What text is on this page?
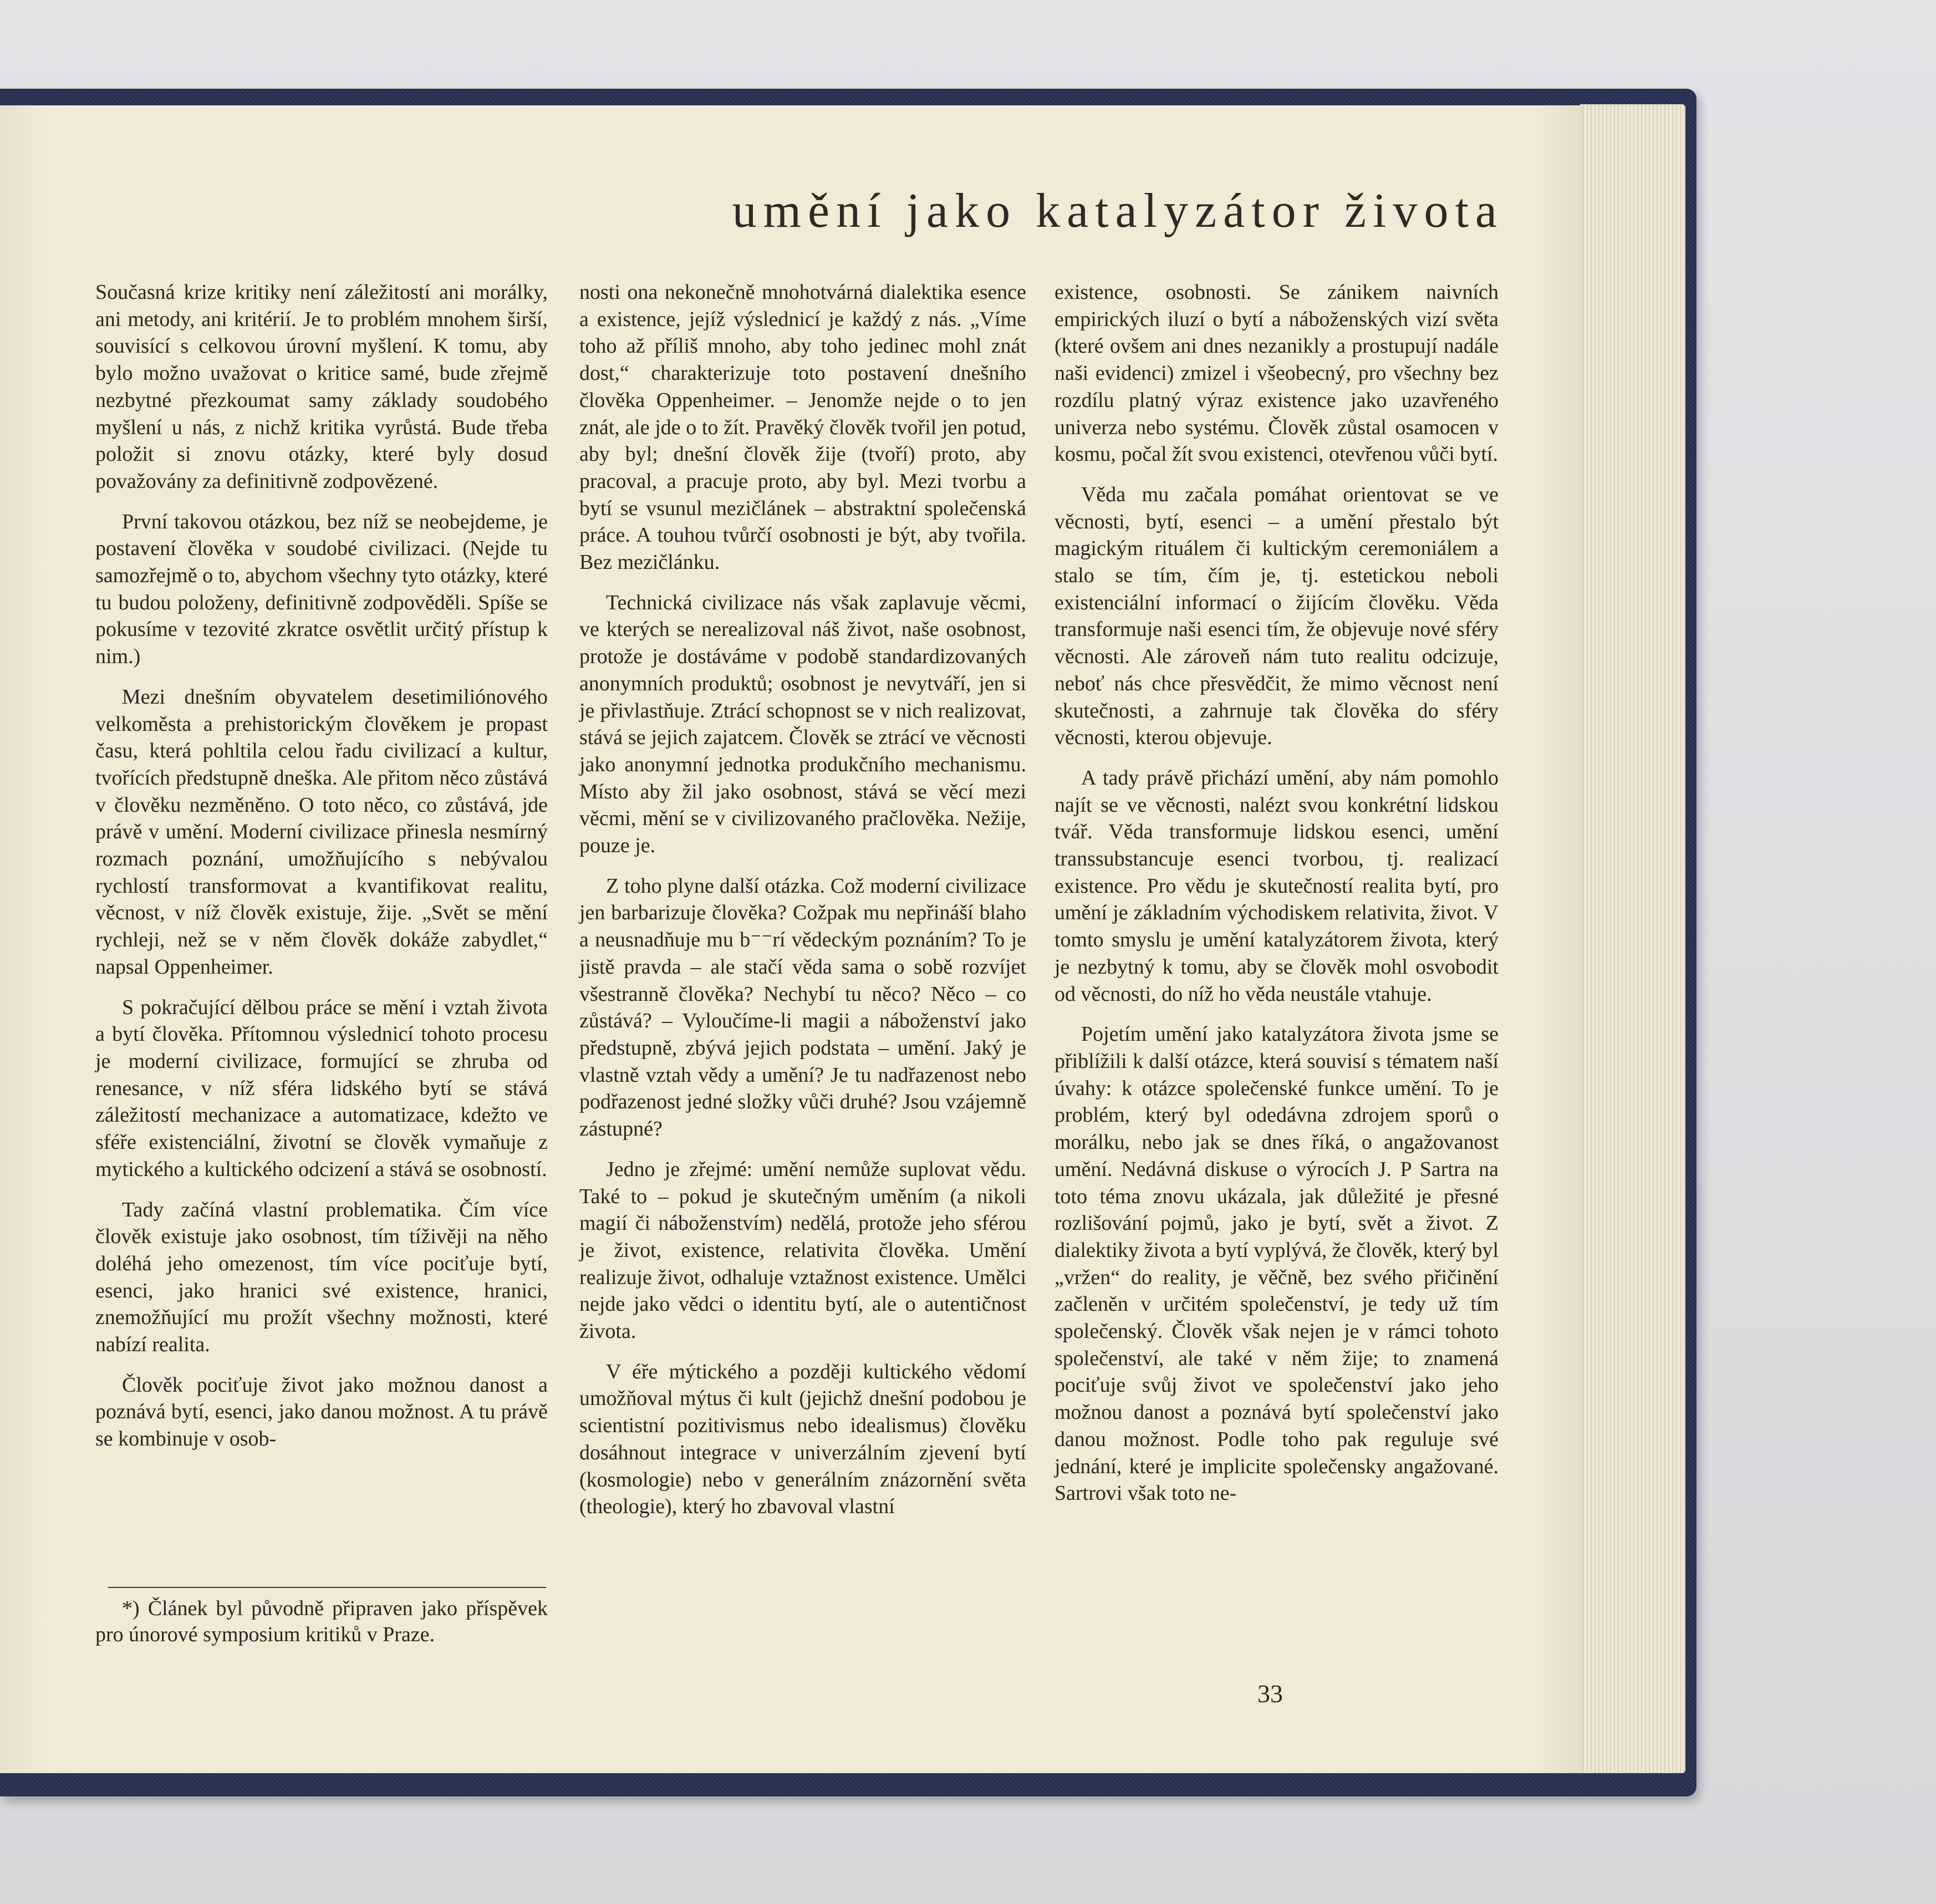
umění jako katalyzátor života

Současná krize kritiky není záležitostí ani morálky, ani metody, ani kritérií. Je to problém mnohem širší, souvisící s celkovou úrovní myšlení. K tomu, aby bylo možno uvažovat o kritice samé, bude zřejmě nezbytné přezkoumat samy základy soudobého myšlení u nás, z nichž kritika vyrůstá. Bude třeba položit si znovu otázky, které byly dosud považovány za definitivně zodpovězené.

První takovou otázkou, bez níž se neobejdeme, je postavení člověka v soudobé civilizaci. (Nejde tu samozřejmě o to, abychom všechny tyto otázky, které tu budou položeny, definitivně zodpověděli. Spíše se pokusíme v tezovité zkratce osvětlit určitý přístup k nim.)

Mezi dnešním obyvatelem desetimiliónového velkoměsta a prehistorickým člověkem je propast času, která pohltila celou řadu civilizací a kultur, tvořících předstupně dneška. Ale přitom něco zůstává v člověku nezměněno. O toto něco, co zůstává, jde právě v umění. Moderní civilizace přinesla nesmírný rozmach poznání, umožňujícího s nebývalou rychlostí transformovat a kvantifikovat realitu, věcnost, v níž člověk existuje, žije. „Svět se mění rychleji, než se v něm člověk dokáže zabydlet,“ napsal Oppenheimer.

S pokračující dělbou práce se mění i vztah života a bytí člověka. Přítomnou výslednicí tohoto procesu je moderní civilizace, formující se zhruba od renesance, v níž sféra lidského bytí se stává záležitostí mechanizace a automatizace, kdežto ve sféře existenciální, životní se člověk vymaňuje z mytického a kultického odcizení a stává se osobností.

Tady začíná vlastní problematika. Čím více člověk existuje jako osobnost, tím tíživěji na něho doléhá jeho omezenost, tím více pociťuje bytí, esenci, jako hranici své existence, hranici, znemožňující mu prožít všechny možnosti, které nabízí realita.

Člověk pociťuje život jako možnou danost a poznává bytí, esenci, jako danou možnost. A tu právě se kombinuje v osob-

nosti ona nekonečně mnohotvárná dialektika esence a existence, jejíž výslednicí je každý z nás. „Víme toho až příliš mnoho, aby toho jedinec mohl znát dost,“ charakterizuje toto postavení dnešního člověka Oppenheimer. – Jenomže nejde o to jen znát, ale jde o to žít. Pravěký člověk tvořil jen potud, aby byl; dnešní člověk žije (tvoří) proto, aby pracoval, a pracuje proto, aby byl. Mezi tvorbu a bytí se vsunul mezičlánek – abstraktní společenská práce. A touhou tvůrčí osobnosti je být, aby tvořila. Bez mezičlánku.

Technická civilizace nás však zaplavuje věcmi, ve kterých se nerealizoval náš život, naše osobnost, protože je dostáváme v podobě standardizovaných anonymních produktů; osobnost je nevytváří, jen si je přivlastňuje. Ztrácí schopnost se v nich realizovat, stává se jejich zajatcem. Člověk se ztrácí ve věcnosti jako anonymní jednotka produkčního mechanismu. Místo aby žil jako osobnost, stává se věcí mezi věcmi, mění se v civilizovaného pračlověka. Nežije, pouze je.

Z toho plyne další otázka. Což moderní civilizace jen barbarizuje člověka? Cožpak mu nepřináší blaho a neusnadňuje mu b⁻⁻rí vědeckým poznáním? To je jistě pravda – ale stačí věda sama o sobě rozvíjet všestranně člověka? Nechybí tu něco? Něco – co zůstává? – Vyloučíme-li magii a náboženství jako předstupně, zbývá jejich podstata – umění. Jaký je vlastně vztah vědy a umění? Je tu nadřazenost nebo podřazenost jedné složky vůči druhé? Jsou vzájemně zástupné?

Jedno je zřejmé: umění nemůže suplovat vědu. Také to – pokud je skutečným uměním (a nikoli magií či náboženstvím) nedělá, protože jeho sférou je život, existence, relativita člověka. Umění realizuje život, odhaluje vztažnost existence. Umělci nejde jako vědci o identitu bytí, ale o autentičnost života.

V éře mýtického a později kultického vědomí umožňoval mýtus či kult (jejichž dnešní podobou je scientistní pozitivismus nebo idealismus) člověku dosáhnout integrace v univerzálním zjevení bytí (kosmologie) nebo v generálním znázornění světa (theologie), který ho zbavoval vlastní

existence, osobnosti. Se zánikem naivních empirických iluzí o bytí a náboženských vizí světa (které ovšem ani dnes nezanikly a prostupují nadále naši evidenci) zmizel i všeobecný, pro všechny bez rozdílu platný výraz existence jako uzavřeného univerza nebo systému. Člověk zůstal osamocen v kosmu, počal žít svou existenci, otevřenou vůči bytí.

Věda mu začala pomáhat orientovat se ve věcnosti, bytí, esenci – a umění přestalo být magickým rituálem či kultickým ceremoniálem a stalo se tím, čím je, tj. estetickou neboli existenciální informací o žijícím člověku. Věda transformuje naši esenci tím, že objevuje nové sféry věcnosti. Ale zároveň nám tuto realitu odcizuje, neboť nás chce přesvědčit, že mimo věcnost není skutečnosti, a zahrnuje tak člověka do sféry věcnosti, kterou objevuje.

A tady právě přichází umění, aby nám pomohlo najít se ve věcnosti, nalézt svou konkrétní lidskou tvář. Věda transformuje lidskou esenci, umění transsubstancuje esenci tvorbou, tj. realizací existence. Pro vědu je skutečností realita bytí, pro umění je základním východiskem relativita, život. V tomto smyslu je umění katalyzátorem života, který je nezbytný k tomu, aby se člověk mohl osvobodit od věcnosti, do níž ho věda neustále vtahuje.

Pojetím umění jako katalyzátora života jsme se přiblížili k další otázce, která souvisí s tématem naší úvahy: k otázce společenské funkce umění. To je problém, který byl odedávna zdrojem sporů o morálku, nebo jak se dnes říká, o angažovanost umění. Nedávná diskuse o výrocích J. P Sartra na toto téma znovu ukázala, jak důležité je přesné rozlišování pojmů, jako je bytí, svět a život. Z dialektiky života a bytí vyplývá, že člověk, který byl „vržen“ do reality, je věčně, bez svého přičinění začleněn v určitém společenství, je tedy už tím společenský. Člověk však nejen je v rámci tohoto společenství, ale také v něm žije; to znamená pociťuje svůj život ve společenství jako jeho možnou danost a poznává bytí společenství jako danou možnost. Podle toho pak reguluje své jednání, které je implicite společensky angažované. Sartrovi však toto ne-

*) Článek byl původně připraven jako příspěvek pro únorové symposium kritiků v Praze.

33
